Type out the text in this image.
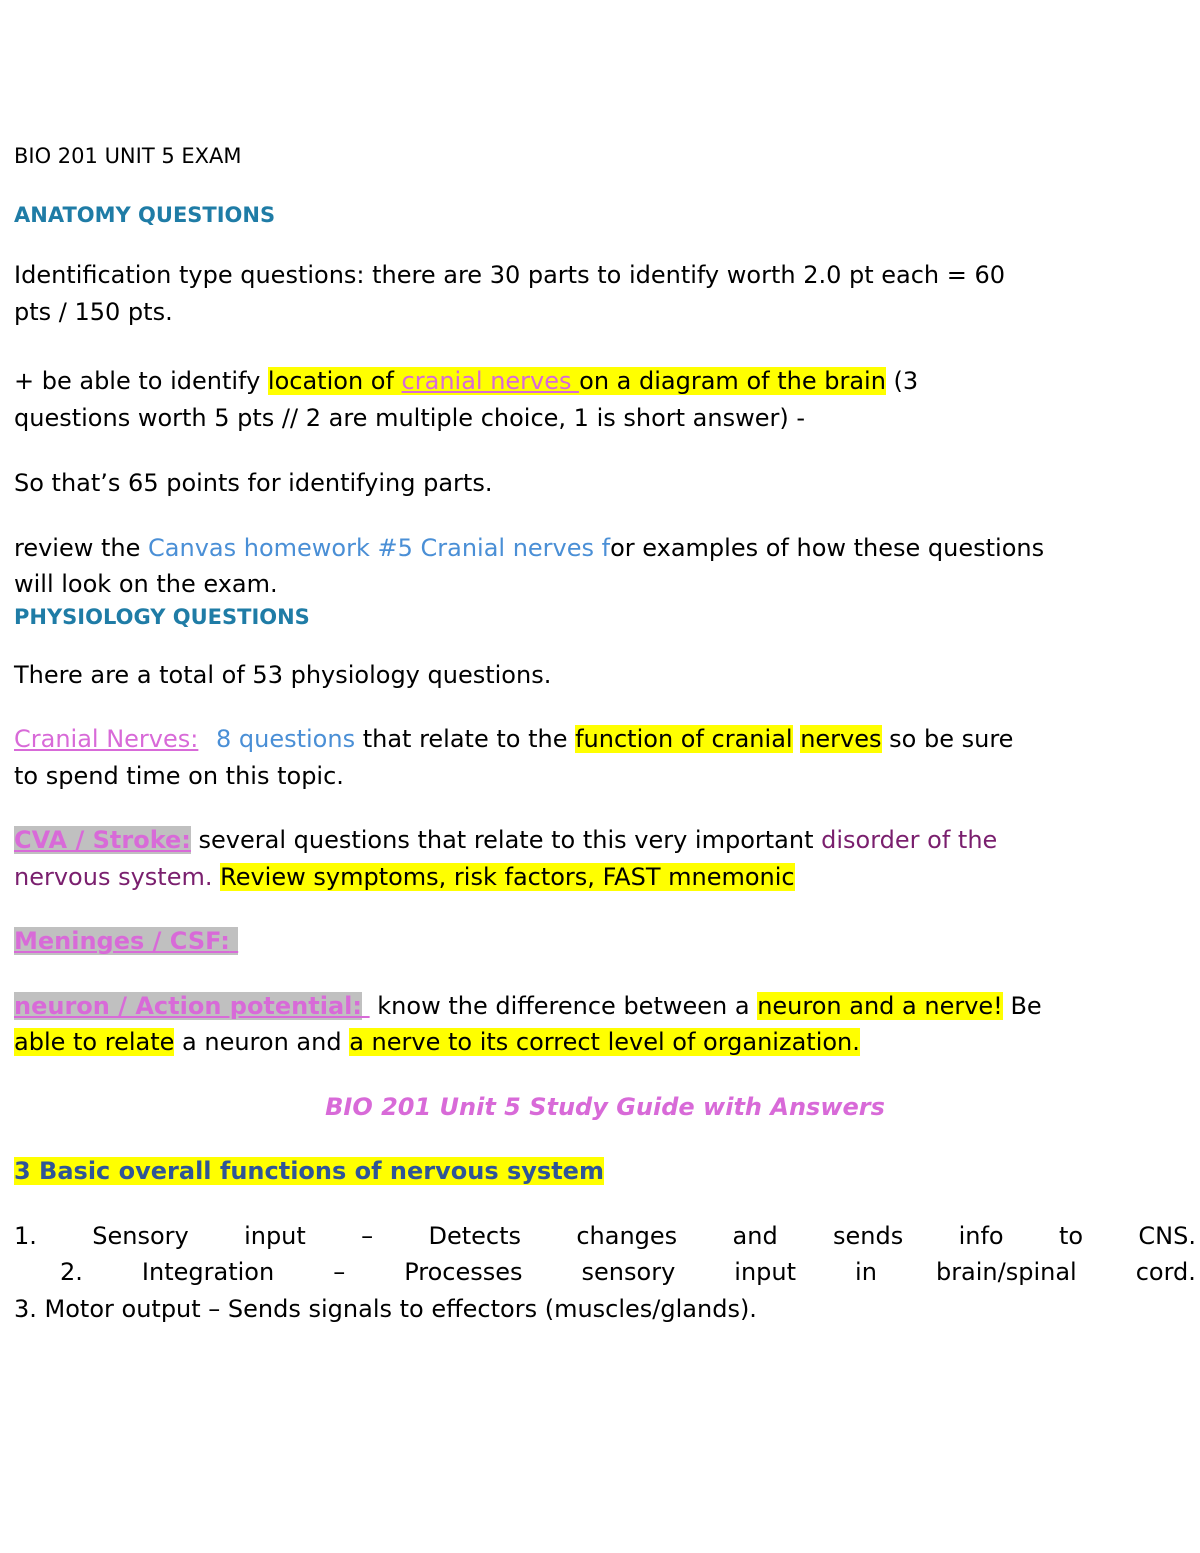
BIO 201 UNIT 5 EXAM
ANATOMY QUESTIONS
Identification type questions: there are 30 parts to identify worth 2.0 pt each = 60
pts / 150 pts.
+ be able to identify location of cranial nerves on a diagram of the brain (3
questions worth 5 pts // 2 are multiple choice, 1 is short answer) -
So that’s 65 points for identifying parts.
review the Canvas homework #5 Cranial nerves for examples of how these questions
will look on the exam.
PHYSIOLOGY QUESTIONS
There are a total of 53 physiology questions.
Cranial Nerves: 8 questions that relate to the function of cranial nerves so be sure
to spend time on this topic.
CVA / Stroke: several questions that relate to this very important disorder of the
nervous system. Review symptoms, risk factors, FAST mnemonic
Meninges / CSF:
neuron / Action potential:  know the difference between a neuron and a nerve! Be
able to relate a neuron and a nerve to its correct level of organization.
BIO 201 Unit 5 Study Guide with Answers
3 Basic overall functions of nervous system
1. Sensory input – Detects changes and sends info to CNS.
2. Integration – Processes sensory input in brain/spinal cord.
3. Motor output – Sends signals to effectors (muscles/glands).
